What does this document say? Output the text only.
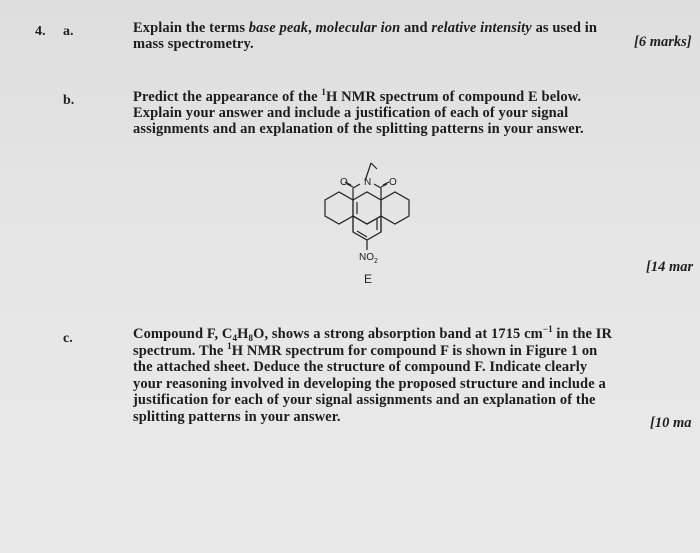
4. a.	Explain the terms base peak, molecular ion and relative intensity as used in
mass spectrometry.	[6 marks]
b.	Predict the appearance of the $^1$H NMR spectrum of compound E below.
Explain your answer and include a justification of each of your signal
assignments and an explanation of the splitting patterns in your answer.
O N O
$NO_2$
E
[14 mar
c.	Compound F, $C_4H_8O$, shows a strong absorption band at 1715 $cm^{-1}$ in the IR
spectrum. The $^1$H NMR spectrum for compound F is shown in Figure 1 on
the attached sheet. Deduce the structure of compound F. Indicate clearly
your reasoning involved in developing the proposed structure and include a
justification for each of your signal assignments and an explanation of the
splitting patterns in your answer.	[10 ma
